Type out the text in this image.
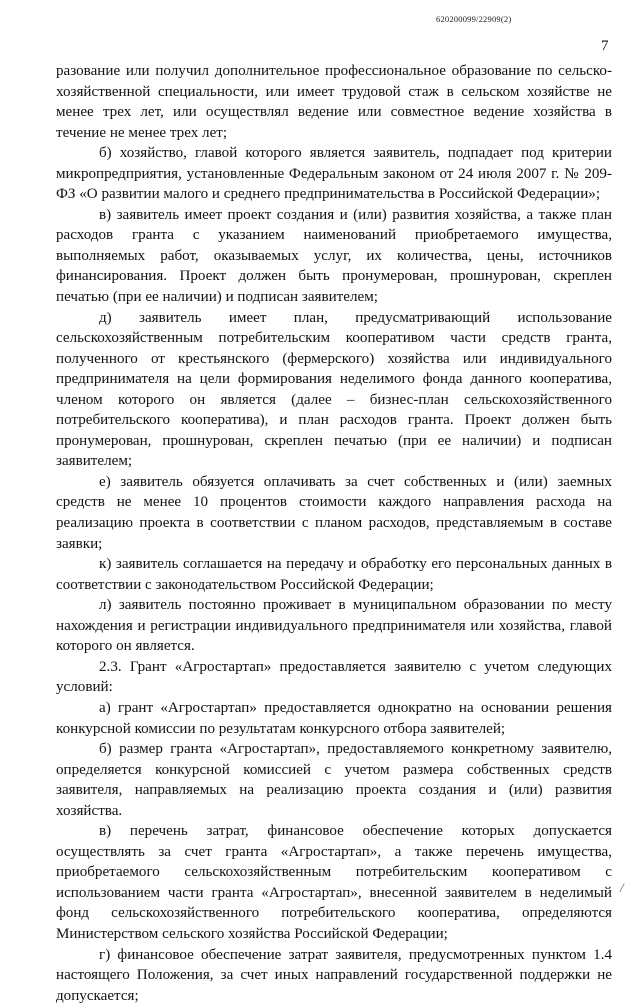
620200099/22909(2)
7

разование или получил дополнительное профессиональное образование по сельско-хозяйственной специальности, или имеет трудовой стаж в сельском хозяйстве не менее трех лет, или осуществлял ведение или совместное ведение хозяйства в течение не менее трех лет;

б) хозяйство, главой которого является заявитель, подпадает под критерии микропредприятия, установленные Федеральным законом от 24 июля 2007 г. № 209-ФЗ «О развитии малого и среднего предпринимательства в Российской Федерации»;

в) заявитель имеет проект создания и (или) развития хозяйства, а также план расходов гранта с указанием наименований приобретаемого имущества, выполняемых работ, оказываемых услуг, их количества, цены, источников финансирования. Проект должен быть пронумерован, прошнурован, скреплен печатью (при ее наличии) и подписан заявителем;

д) заявитель имеет план, предусматривающий использование сельскохозяйственным потребительским кооперативом части средств гранта, полученного от крестьянского (фермерского) хозяйства или индивидуального предпринимателя на цели формирования неделимого фонда данного кооператива, членом которого он является (далее – бизнес-план сельскохозяйственного потребительского кооператива), и план расходов гранта. Проект должен быть пронумерован, прошнурован, скреплен печатью (при ее наличии) и подписан заявителем;

е) заявитель обязуется оплачивать за счет собственных и (или) заемных средств не менее 10 процентов стоимости каждого направления расхода на реализацию проекта в соответствии с планом расходов, представляемым в составе заявки;

к) заявитель соглашается на передачу и обработку его персональных данных в соответствии с законодательством Российской Федерации;

л) заявитель постоянно проживает в муниципальном образовании по месту нахождения и регистрации индивидуального предпринимателя или хозяйства, главой которого он является.

2.3. Грант «Агростартап» предоставляется заявителю с учетом следующих условий:

а) грант «Агростартап» предоставляется однократно на основании решения конкурсной комиссии по результатам конкурсного отбора заявителей;

б) размер гранта «Агростартап», предоставляемого конкретному заявителю, определяется конкурсной комиссией с учетом размера собственных средств заявителя, направляемых на реализацию проекта создания и (или) развития хозяйства.

в) перечень затрат, финансовое обеспечение которых допускается осуществлять за счет гранта «Агростартап», а также перечень имущества, приобретаемого сельскохозяйственным потребительским кооперативом с использованием части гранта «Агростартап», внесенной заявителем в неделимый фонд сельскохозяйственного потребительского кооператива, определяются Министерством сельского хозяйства Российской Федерации;

г) финансовое обеспечение затрат заявителя, предусмотренных пунктом 1.4 настоящего Положения, за счет иных направлений государственной поддержки не допускается;

/
